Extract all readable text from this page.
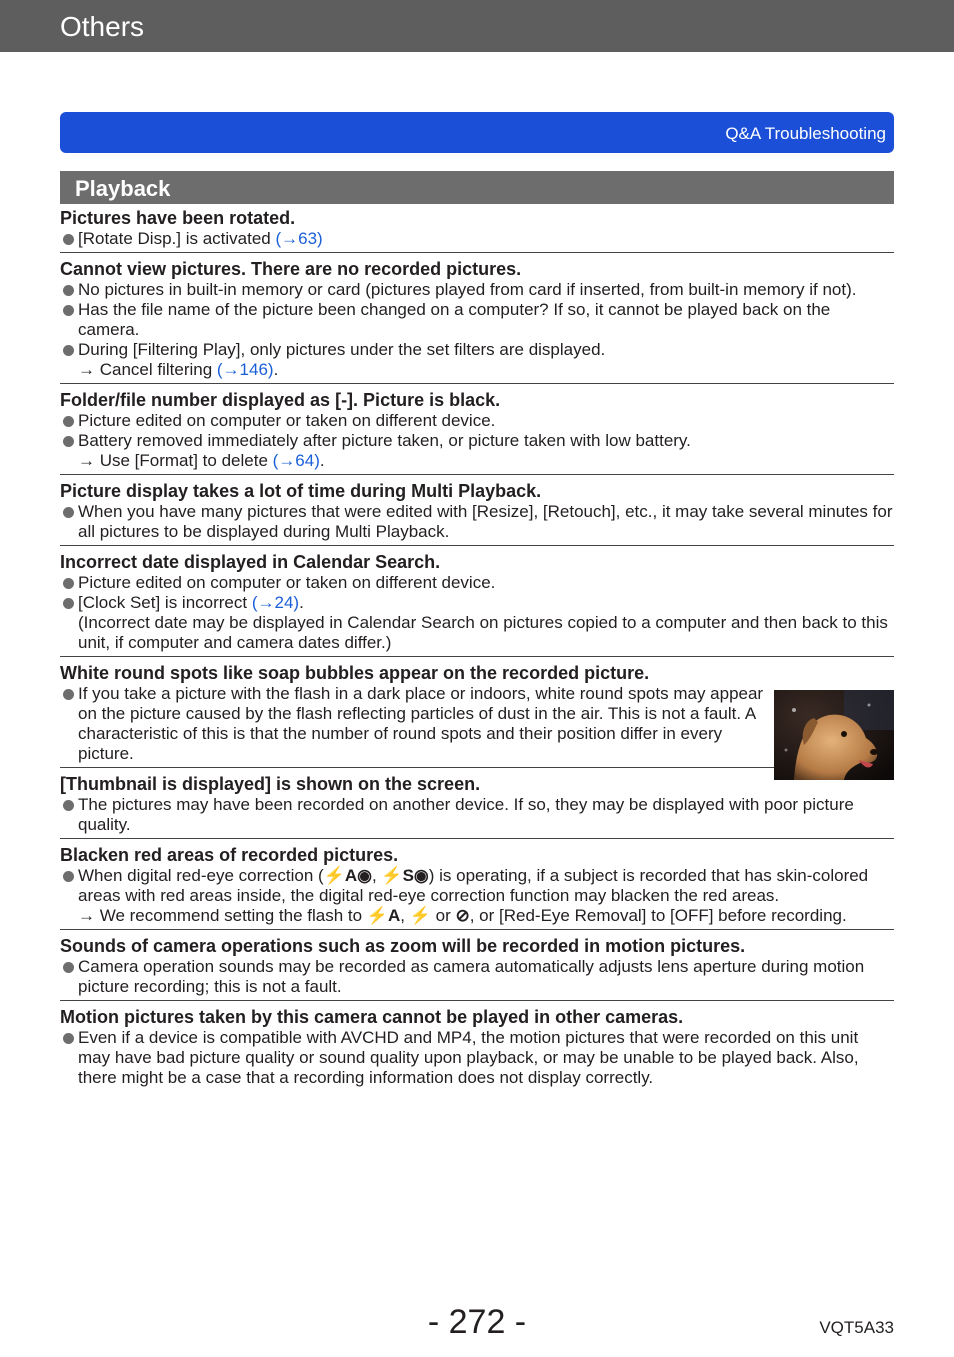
Others
Q&A Troubleshooting
Playback
Pictures have been rotated.
[Rotate Disp.] is activated (→63)
Cannot view pictures. There are no recorded pictures.
No pictures in built-in memory or card (pictures played from card if inserted, from built-in memory if not).
Has the file name of the picture been changed on a computer? If so, it cannot be played back on the camera.
During [Filtering Play], only pictures under the set filters are displayed.
→ Cancel filtering (→146).
Folder/file number displayed as [-]. Picture is black.
Picture edited on computer or taken on different device.
Battery removed immediately after picture taken, or picture taken with low battery.
→ Use [Format] to delete (→64).
Picture display takes a lot of time during Multi Playback.
When you have many pictures that were edited with [Resize], [Retouch], etc., it may take several minutes for all pictures to be displayed during Multi Playback.
Incorrect date displayed in Calendar Search.
Picture edited on computer or taken on different device.
[Clock Set] is incorrect (→24).
(Incorrect date may be displayed in Calendar Search on pictures copied to a computer and then back to this unit, if computer and camera dates differ.)
White round spots like soap bubbles appear on the recorded picture.
If you take a picture with the flash in a dark place or indoors, white round spots may appear on the picture caused by the flash reflecting particles of dust in the air. This is not a fault. A characteristic of this is that the number of round spots and their position differ in every picture.
[Thumbnail is displayed] is shown on the screen.
The pictures may have been recorded on another device. If so, they may be displayed with poor picture quality.
Blacken red areas of recorded pictures.
When digital red-eye correction (⚡A◉, ⚡S◉) is operating, if a subject is recorded that has skin-colored areas with red areas inside, the digital red-eye correction function may blacken the red areas.
→ We recommend setting the flash to ⚡A, ⚡ or ⊘, or [Red-Eye Removal] to [OFF] before recording.
Sounds of camera operations such as zoom will be recorded in motion pictures.
Camera operation sounds may be recorded as camera automatically adjusts lens aperture during motion picture recording; this is not a fault.
Motion pictures taken by this camera cannot be played in other cameras.
Even if a device is compatible with AVCHD and MP4, the motion pictures that were recorded on this unit may have bad picture quality or sound quality upon playback, or may be unable to be played back. Also, there might be a case that a recording information does not display correctly.
- 272 -	VQT5A33
